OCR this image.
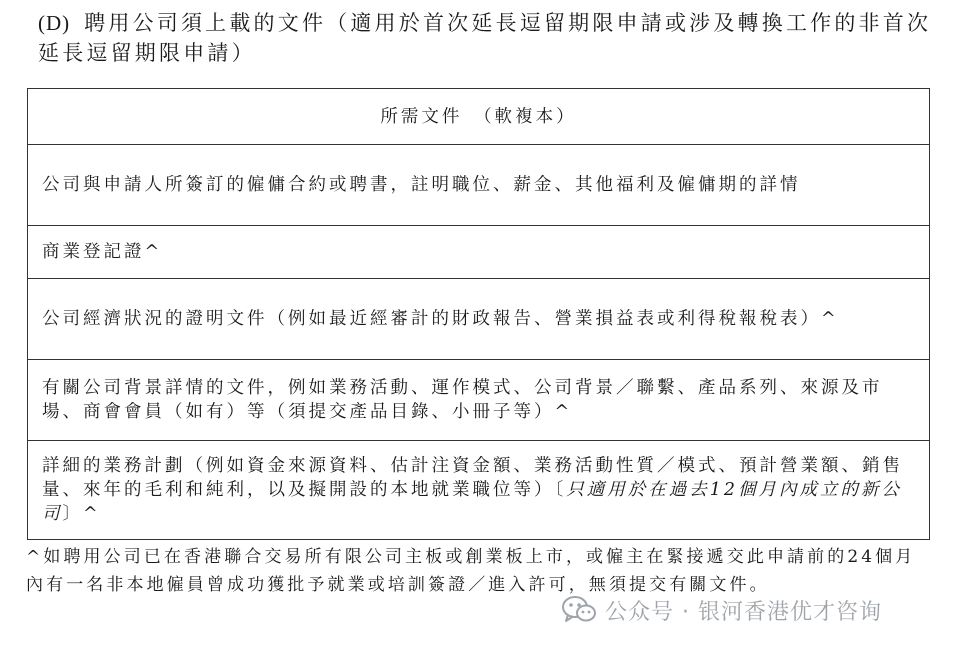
(D) 聘用公司須上載的文件（適用於首次延長逗留期限申請或涉及轉換工作的非首次延長逗留期限申請）

所需文件　（軟複本）
公司與申請人所簽訂的僱傭合約或聘書，註明職位、薪金、其他福利及僱傭期的詳情
商業登記證^
公司經濟狀況的證明文件（例如最近經審計的財政報告、營業損益表或利得稅報稅表）^
有關公司背景詳情的文件，例如業務活動、運作模式、公司背景／聯繫、產品系列、來源及市場、商會會員（如有）等（須提交產品目錄、小冊子等）^
詳細的業務計劃（例如資金來源資料、估計注資金額、業務活動性質／模式、預計營業額、銷售量、來年的毛利和純利，以及擬開設的本地就業職位等）〔只適用於在過去12個月內成立的新公司〕^

^如聘用公司已在香港聯合交易所有限公司主板或創業板上市，或僱主在緊接遞交此申請前的24個月內有一名非本地僱員曾成功獲批予就業或培訓簽證／進入許可，無須提交有關文件。

公众号 · 银河香港优才咨询
